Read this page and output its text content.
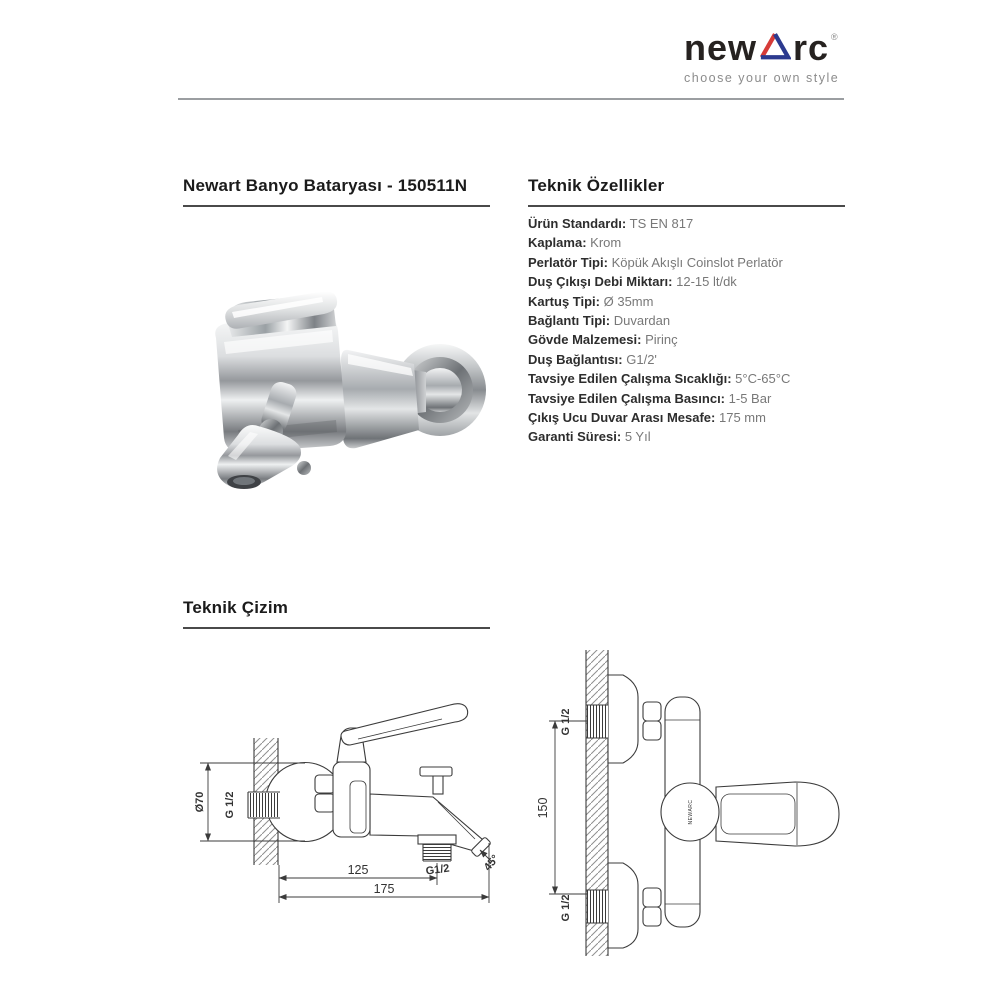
new rc ®
choose your own style
Newart Banyo Bataryası - 150511N	Teknik Özellikler
Ürün Standardı: TS EN 817
Kaplama: Krom
Perlatör Tipi: Köpük Akışlı Coinslot Perlatör
Duş Çıkışı Debi Miktarı: 12-15 lt/dk
Kartuş Tipi: Ø 35mm
Bağlantı Tipi: Duvardan
Gövde Malzemesi: Pirinç
Duş Bağlantısı: G1/2'
Tavsiye Edilen Çalışma Sıcaklığı: 5°C-65°C
Tavsiye Edilen Çalışma Basıncı: 1-5 Bar
Çıkış Ucu Duvar Arası Mesafe: 175 mm
Garanti Süresi: 5 Yıl
Teknik Çizim
Ø70 G 1/2
G1/2	45°
125
175
G 1/2
G 1/2
150	NEWARC
